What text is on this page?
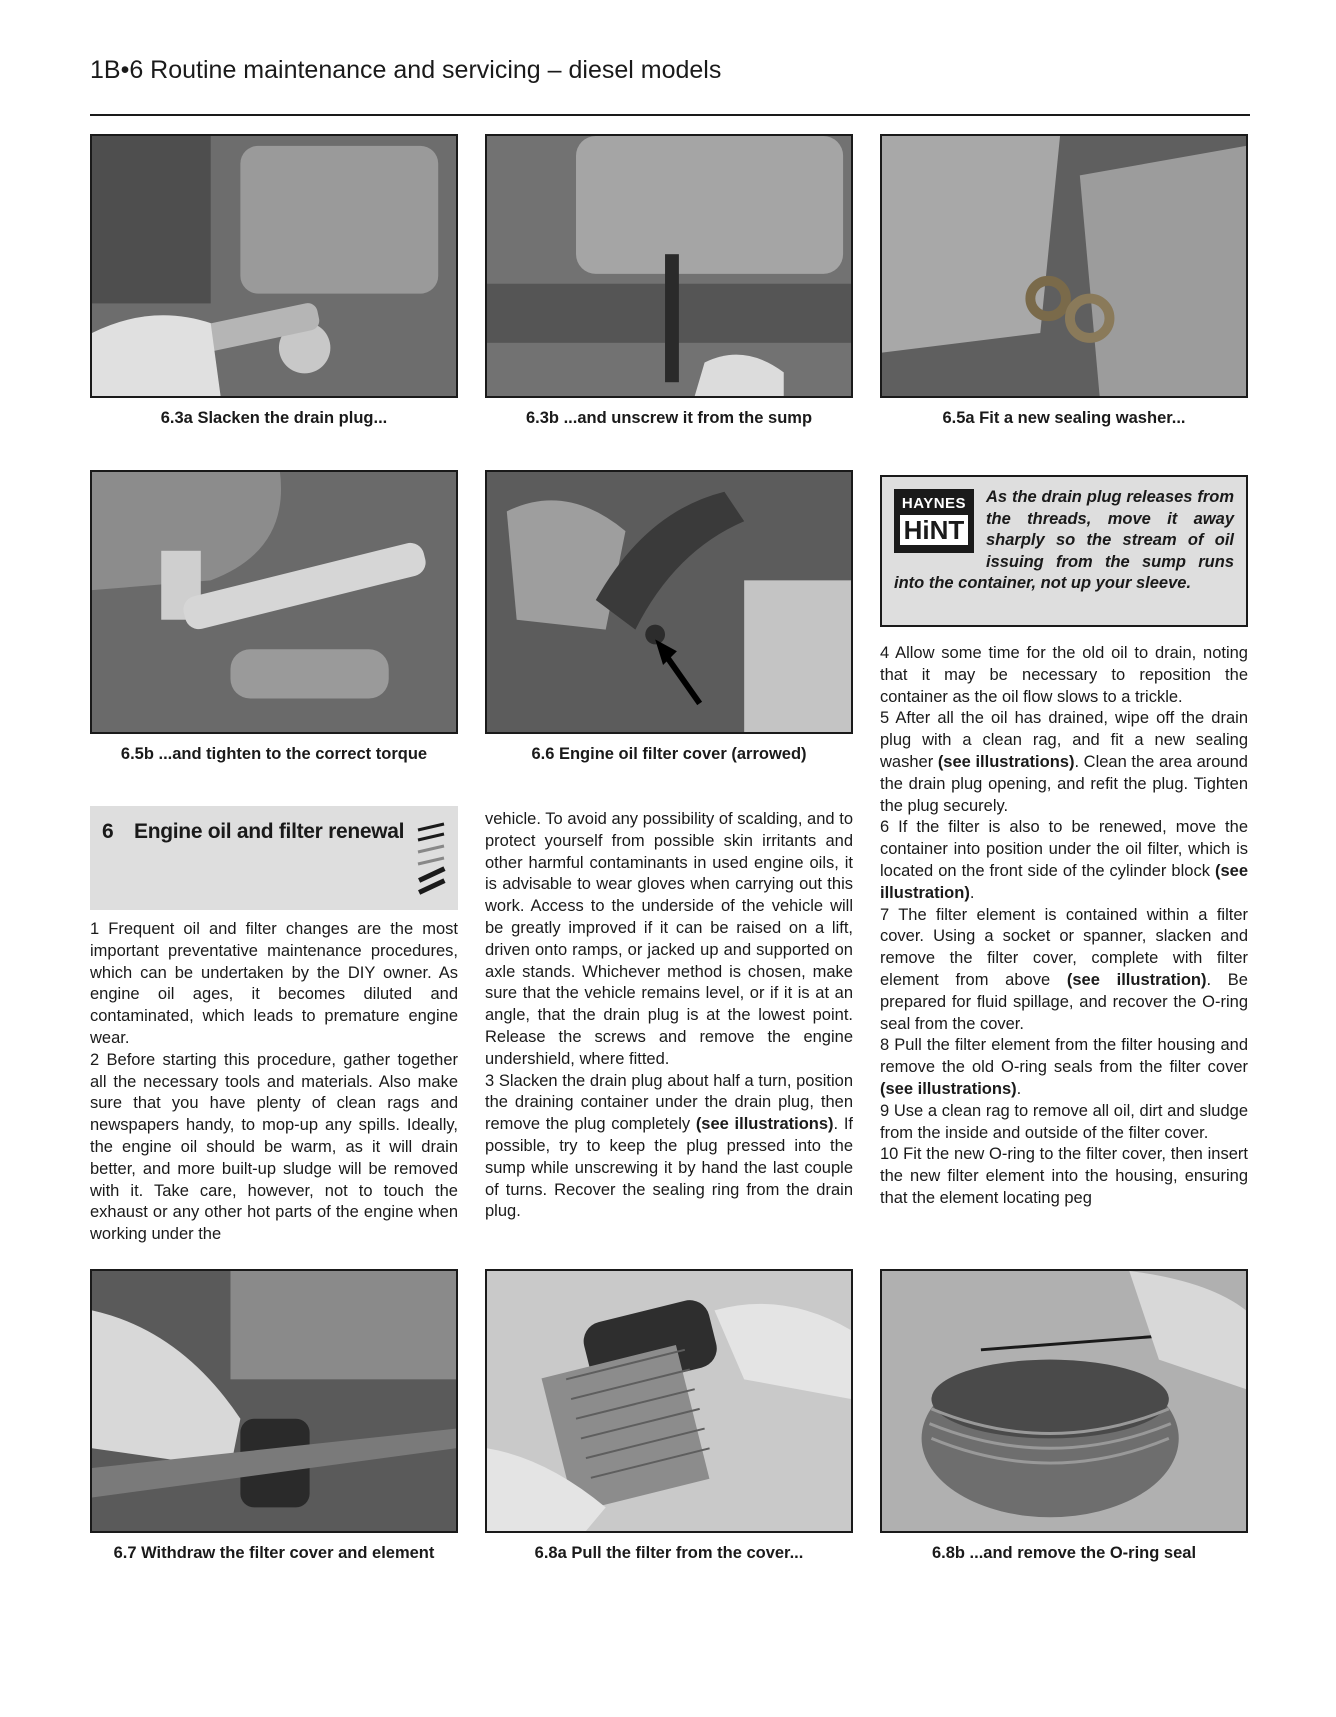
1B•6 Routine maintenance and servicing – diesel models
6.3a Slacken the drain plug...	6.3b ...and unscrew it from the sump	6.5a Fit a new sealing washer...
6.5b ...and tighten to the correct torque	6.6 Engine oil filter cover (arrowed)
HAYNES
HiNT
As the drain plug releases from the threads, move it away sharply so the stream of oil issuing from the sump runs into the container, not up your sleeve.
6 Engine oil and filter renewal

1 Frequent oil and filter changes are the most important preventative maintenance procedures, which can be undertaken by the DIY owner. As engine oil ages, it becomes diluted and contaminated, which leads to premature engine wear.

2 Before starting this procedure, gather together all the necessary tools and materials. Also make sure that you have plenty of clean rags and newspapers handy, to mop-up any spills. Ideally, the engine oil should be warm, as it will drain better, and more built-up sludge will be removed with it. Take care, however, not to touch the exhaust or any other hot parts of the engine when working under the

vehicle. To avoid any possibility of scalding, and to protect yourself from possible skin irritants and other harmful contaminants in used engine oils, it is advisable to wear gloves when carrying out this work. Access to the underside of the vehicle will be greatly improved if it can be raised on a lift, driven onto ramps, or jacked up and supported on axle stands. Whichever method is chosen, make sure that the vehicle remains level, or if it is at an angle, that the drain plug is at the lowest point. Release the screws and remove the engine undershield, where fitted.

3 Slacken the drain plug about half a turn, position the draining container under the drain plug, then remove the plug completely (see illustrations). If possible, try to keep the plug pressed into the sump while unscrewing it by hand the last couple of turns. Recover the sealing ring from the drain plug.

4 Allow some time for the old oil to drain, noting that it may be necessary to reposition the container as the oil flow slows to a trickle.

5 After all the oil has drained, wipe off the drain plug with a clean rag, and fit a new sealing washer (see illustrations). Clean the area around the drain plug opening, and refit the plug. Tighten the plug securely.

6 If the filter is also to be renewed, move the container into position under the oil filter, which is located on the front side of the cylinder block (see illustration).

7 The filter element is contained within a filter cover. Using a socket or spanner, slacken and remove the filter cover, complete with filter element from above (see illustration). Be prepared for fluid spillage, and recover the O-ring seal from the cover.

8 Pull the filter element from the filter housing and remove the old O-ring seals from the filter cover (see illustrations).

9 Use a clean rag to remove all oil, dirt and sludge from the inside and outside of the filter cover.

10 Fit the new O-ring to the filter cover, then insert the new filter element into the housing, ensuring that the element locating peg

6.7 Withdraw the filter cover and element	6.8a Pull the filter from the cover...	6.8b ...and remove the O-ring seal
